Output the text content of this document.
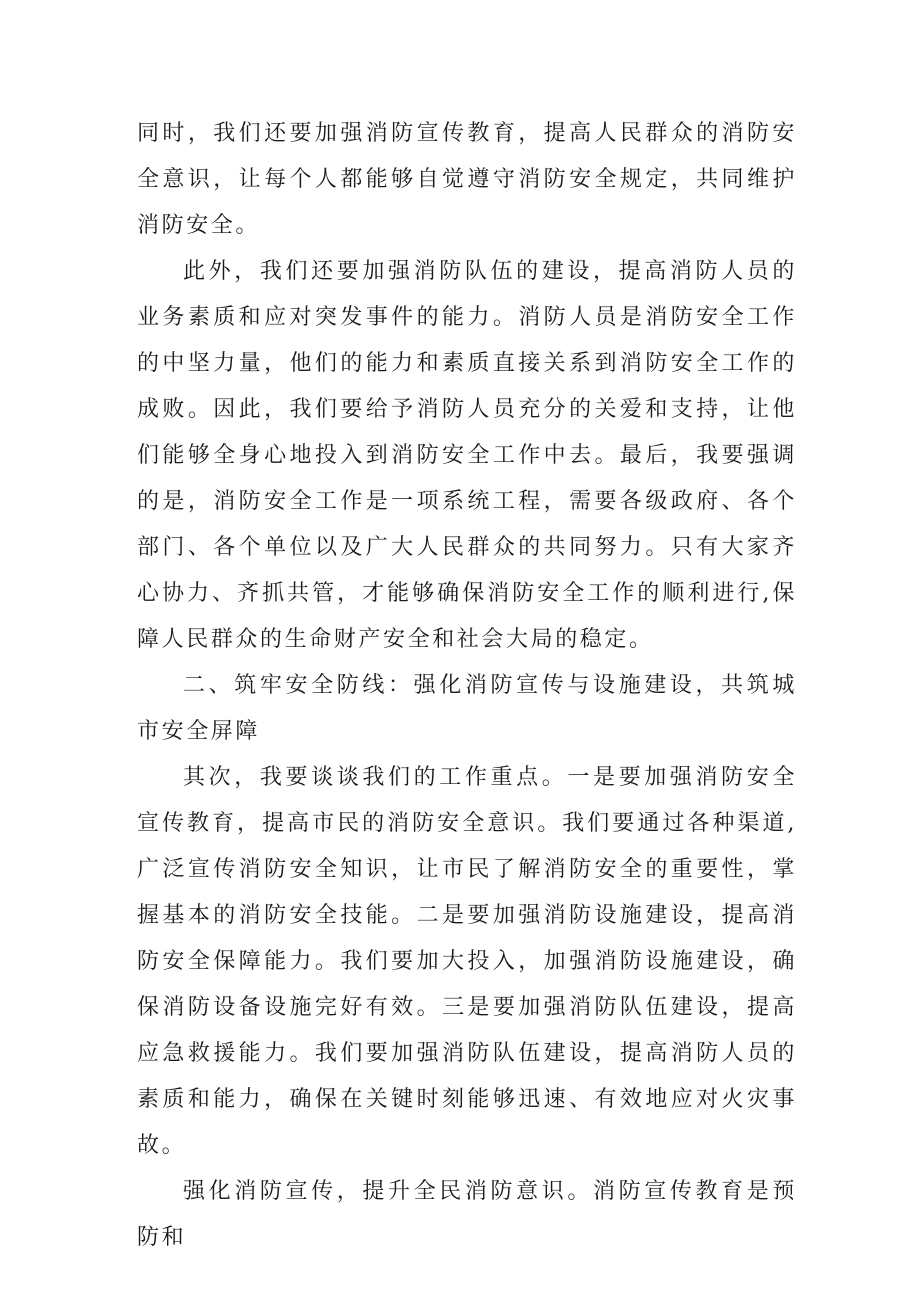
同时，我们还要加强消防宣传教育，提高人民群众的消防安全意识，让每个人都能够自觉遵守消防安全规定，共同维护消防安全。

此外，我们还要加强消防队伍的建设，提高消防人员的业务素质和应对突发事件的能力。消防人员是消防安全工作的中坚力量，他们的能力和素质直接关系到消防安全工作的成败。因此，我们要给予消防人员充分的关爱和支持，让他们能够全身心地投入到消防安全工作中去。最后，我要强调的是，消防安全工作是一项系统工程，需要各级政府、各个部门、各个单位以及广大人民群众的共同努力。只有大家齐心协力、齐抓共管，才能够确保消防安全工作的顺利进行,保障人民群众的生命财产安全和社会大局的稳定。

二、筑牢安全防线：强化消防宣传与设施建设，共筑城市安全屏障

其次，我要谈谈我们的工作重点。一是要加强消防安全宣传教育，提高市民的消防安全意识。我们要通过各种渠道,广泛宣传消防安全知识，让市民了解消防安全的重要性，掌握基本的消防安全技能。二是要加强消防设施建设，提高消防安全保障能力。我们要加大投入，加强消防设施建设，确保消防设备设施完好有效。三是要加强消防队伍建设，提高应急救援能力。我们要加强消防队伍建设，提高消防人员的素质和能力，确保在关键时刻能够迅速、有效地应对火灾事故。

强化消防宣传，提升全民消防意识。消防宣传教育是预防和
